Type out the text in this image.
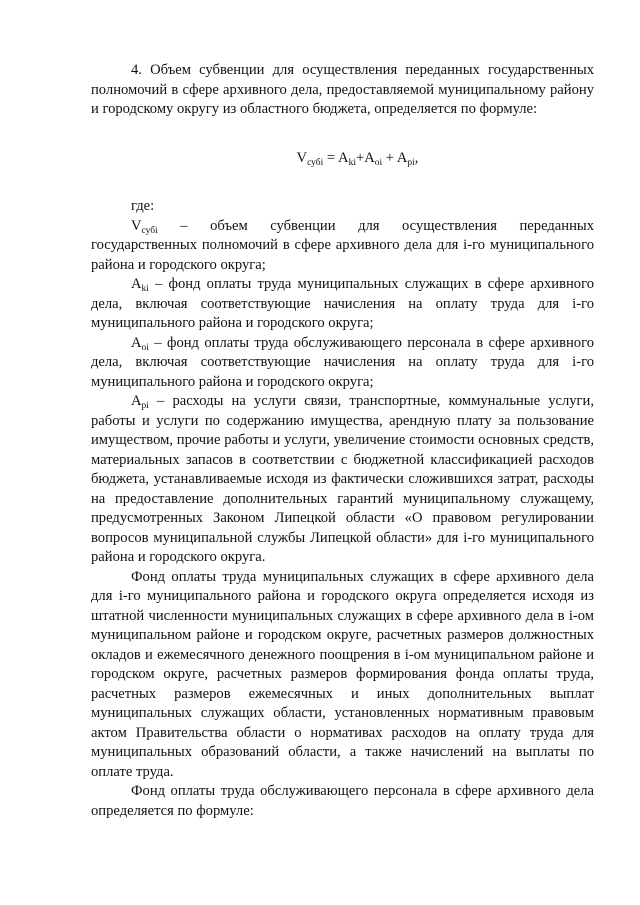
4. Объем субвенции для осуществления переданных государственных полномочий в сфере архивного дела, предоставляемой муниципальному району и городскому округу из областного бюджета, определяется по формуле:

$V_{субi} = A_{ki}+A_{oi} + A_{pi}$,

где:

$V_{субi}$ – объем субвенции для осуществления переданных

государственных полномочий в сфере архивного дела для i-го муниципального района и городского округа;

$A_{ki}$ – фонд оплаты труда муниципальных служащих в сфере архивного дела, включая соответствующие начисления на оплату труда для i-го муниципального района и городского округа;

$A_{oi}$ – фонд оплаты труда обслуживающего персонала в сфере архивного дела, включая соответствующие начисления на оплату труда для i-го муниципального района и городского округа;

$A_{pi}$ – расходы на услуги связи, транспортные, коммунальные услуги, работы и услуги по содержанию имущества, арендную плату за пользование имуществом, прочие работы и услуги, увеличение стоимости основных средств, материальных запасов в соответствии с бюджетной классификацией расходов бюджета, устанавливаемые исходя из фактически сложившихся затрат, расходы на предоставление дополнительных гарантий муниципальному служащему, предусмотренных Законом Липецкой области «О правовом регулировании вопросов муниципальной службы Липецкой области» для i-го муниципального района и городского округа.

Фонд оплаты труда муниципальных служащих в сфере архивного дела для i-го муниципального района и городского округа определяется исходя из штатной численности муниципальных служащих в сфере архивного дела в i-ом муниципальном районе и городском округе, расчетных размеров должностных окладов и ежемесячного денежного поощрения в i-ом муниципальном районе и городском округе, расчетных размеров формирования фонда оплаты труда, расчетных размеров ежемесячных и иных дополнительных выплат муниципальных служащих области, установленных нормативным правовым актом Правительства области о нормативах расходов на оплату труда для муниципальных образований области, а также начислений на выплаты по оплате труда.

Фонд оплаты труда обслуживающего персонала в сфере архивного дела определяется по формуле:
